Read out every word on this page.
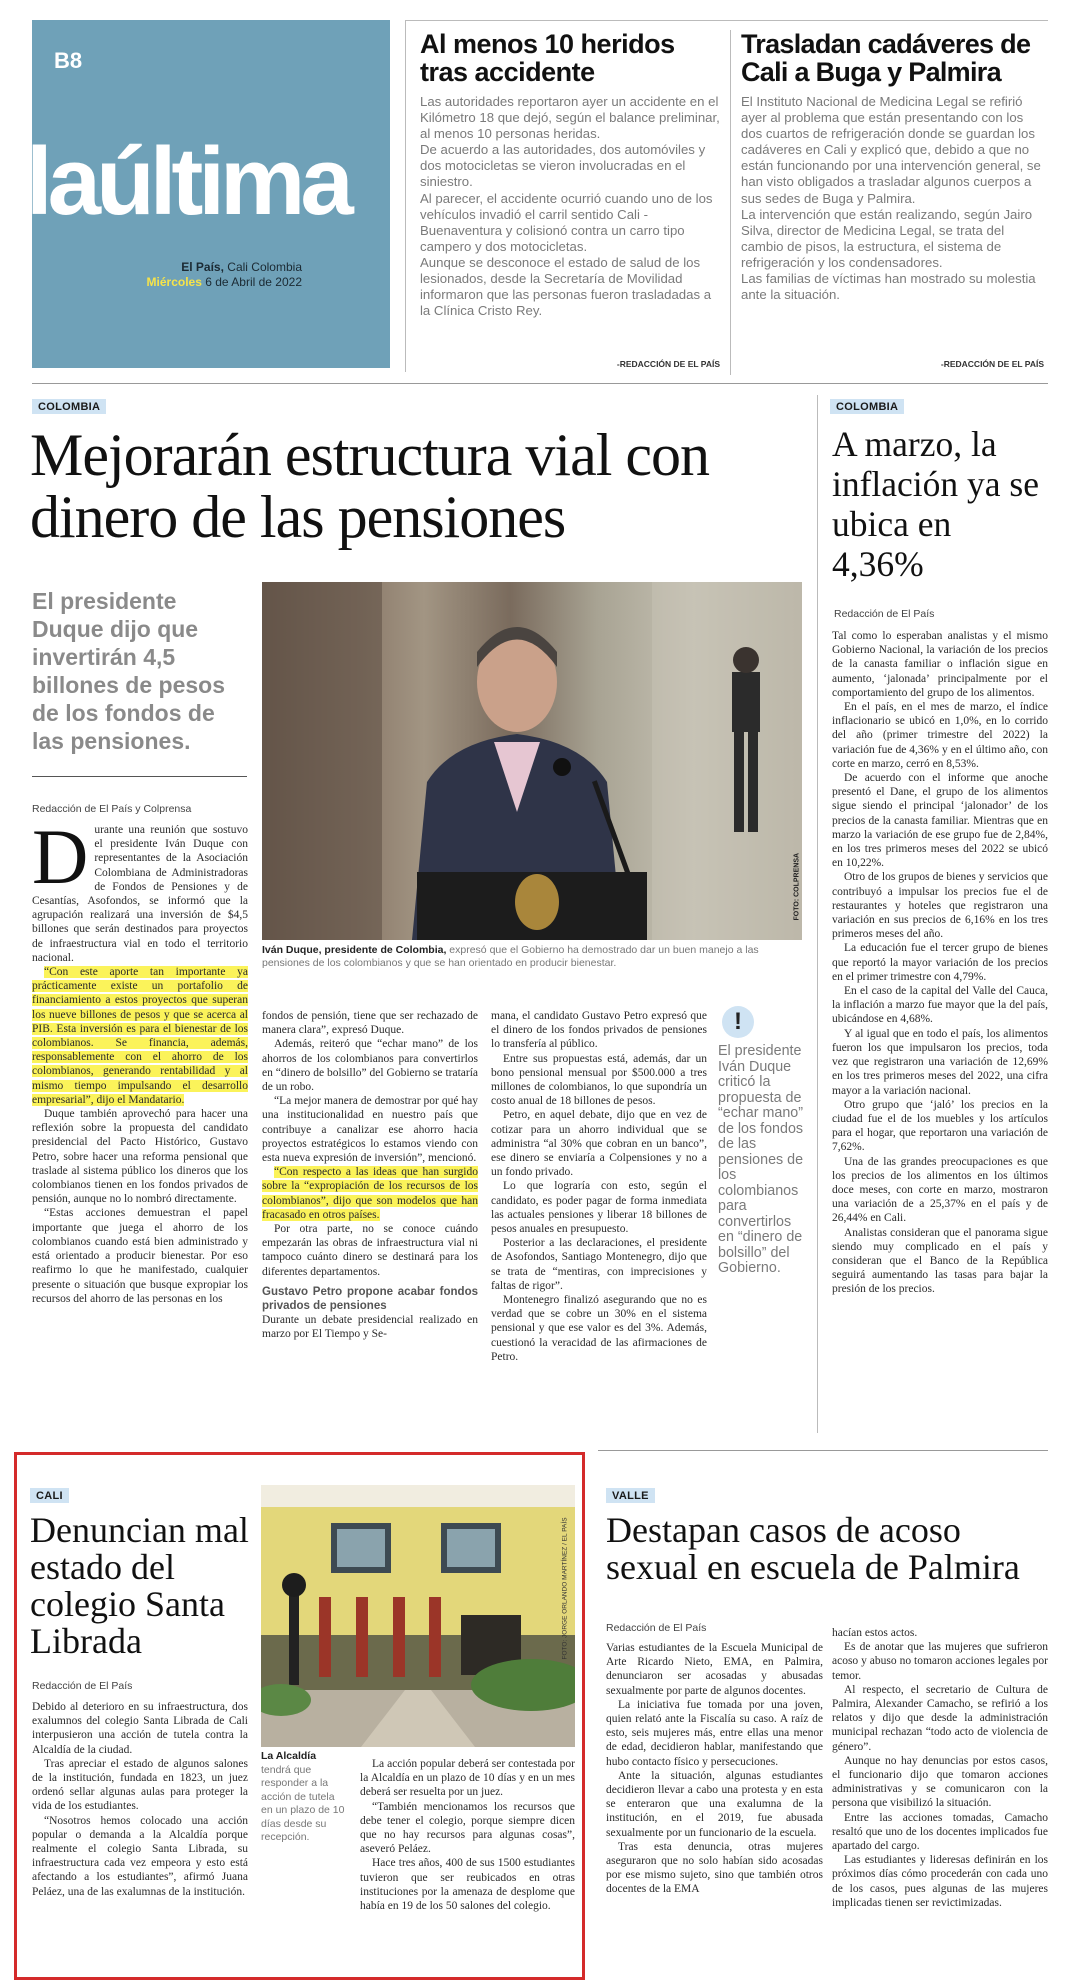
B8
laúltima
El País, Cali Colombia
Miércoles 6 de Abril de 2022
Al menos 10 heridos tras accidente

Las autoridades reportaron ayer un accidente en el Kilómetro 18 que dejó, según el balance preliminar, al menos 10 personas heridas.

De acuerdo a las autoridades, dos automóviles y dos motocicletas se vieron involucradas en el siniestro.

Al parecer, el accidente ocurrió cuando uno de los vehículos invadió el carril sentido Cali - Buenaventura y colisionó contra un carro tipo campero y dos motocicletas.

Aunque se desconoce el estado de salud de los lesionados, desde la Secretaría de Movilidad informaron que las personas fueron trasladadas a la Clínica Cristo Rey.

-REDACCIÓN DE EL PAÍS
Trasladan cadáveres de Cali a Buga y Palmira

El Instituto Nacional de Medicina Legal se refirió ayer al problema que están presentando con los dos cuartos de refrigeración donde se guardan los cadáveres en Cali y explicó que, debido a que no están funcionando por una intervención general, se han visto obligados a trasladar algunos cuerpos a sus sedes de Buga y Palmira.

La intervención que están realizando, según Jairo Silva, director de Medicina Legal, se trata del cambio de pisos, la estructura, el sistema de refrigeración y los condensadores.

Las familias de víctimas han mostrado su molestia ante la situación.

-REDACCIÓN DE EL PAÍS
COLOMBIA
Mejorarán estructura vial con dinero de las pensiones
El presidente Duque dijo que invertirán 4,5 billones de pesos de los fondos de las pensiones.
FOTO: COLPRENSA
Iván Duque, presidente de Colombia, expresó que el Gobierno ha demostrado dar un buen manejo a las pensiones de los colombianos y que se han orientado en producir bienestar.
Redacción de El País y Colprensa
D urante una reunión que sostuvo el presidente Iván Duque con representantes de la Asociación Colombiana de Administradoras de Fondos de Pensiones y de Cesantías, Asofondos, se informó que la agrupación realizará una inversión de $4,5 billones que serán destinados para proyectos de infraestructura vial en todo el territorio nacional.

“Con este aporte tan importante ya prácticamente existe un portafolio de financiamiento a estos proyectos que superan los nueve billones de pesos y que se acerca al PIB. Esta inversión es para el bienestar de los colombianos. Se financia, además, responsablemente con el ahorro de los colombianos, generando rentabilidad y al mismo tiempo impulsando el desarrollo empresarial”, dijo el Mandatario.

Duque también aprovechó para hacer una reflexión sobre la propuesta del candidato presidencial del Pacto Histórico, Gustavo Petro, sobre hacer una reforma pensional que traslade al sistema público los dineros que los colombianos tienen en los fondos privados de pensión, aunque no lo nombró directamente.

“Estas acciones demuestran el papel importante que juega el ahorro de los colombianos cuando está bien administrado y está orientado a producir bienestar. Por eso reafirmo lo que he manifestado, cualquier presente o situación que busque expropiar los recursos del ahorro de las personas en los

fondos de pensión, tiene que ser rechazado de manera clara”, expresó Duque.

Además, reiteró que “echar mano” de los ahorros de los colombianos para convertirlos en “dinero de bolsillo” del Gobierno se trataría de un robo.

“La mejor manera de demostrar por qué hay una institucionalidad en nuestro país que contribuye a canalizar ese ahorro hacia proyectos estratégicos lo estamos viendo con esta nueva expresión de inversión”, mencionó.

“Con respecto a las ideas que han surgido sobre la “expropiación de los recursos de los colombianos”, dijo que son modelos que han fracasado en otros países.

Por otra parte, no se conoce cuándo empezarán las obras de infraestructura vial ni tampoco cuánto dinero se destinará para los diferentes departamentos.

Gustavo Petro propone acabar fondos privados de pensiones

Durante un debate presidencial realizado en marzo por El Tiempo y Se-

mana, el candidato Gustavo Petro expresó que el dinero de los fondos privados de pensiones lo transfería al público.

Entre sus propuestas está, además, dar un bono pensional mensual por $500.000 a tres millones de colombianos, lo que supondría un costo anual de 18 billones de pesos.

Petro, en aquel debate, dijo que en vez de cotizar para un ahorro individual que se administra “al 30% que cobran en un banco”, ese dinero se enviaría a Colpensiones y no a un fondo privado.

Lo que lograría con esto, según el candidato, es poder pagar de forma inmediata las actuales pensiones y liberar 18 billones de pesos anuales en presupuesto.

Posterior a las declaraciones, el presidente de Asofondos, Santiago Montenegro, dijo que se trata de “mentiras, con imprecisiones y faltas de rigor”.

Montenegro finalizó asegurando que no es verdad que se cobre un 30% en el sistema pensional y que ese valor es del 3%. Además, cuestionó la veracidad de las afirmaciones de Petro.

!
El presidente Iván Duque criticó la propuesta de “echar mano” de los fondos de las pensiones de los colombianos para convertirlos en “dinero de bolsillo” del Gobierno.
COLOMBIA
A marzo, la inflación ya se ubica en 4,36%
Redacción de El País

Tal como lo esperaban analistas y el mismo Gobierno Nacional, la variación de los precios de la canasta familiar o inflación sigue en aumento, ‘jalonada’ principalmente por el comportamiento del grupo de los alimentos.

En el país, en el mes de marzo, el índice inflacionario se ubicó en 1,0%, en lo corrido del año (primer trimestre del 2022) la variación fue de 4,36% y en el último año, con corte en marzo, cerró en 8,53%.

De acuerdo con el informe que anoche presentó el Dane, el grupo de los alimentos sigue siendo el principal ‘jalonador’ de los precios de la canasta familiar. Mientras que en marzo la variación de ese grupo fue de 2,84%, en los tres primeros meses del 2022 se ubicó en 10,22%.

Otro de los grupos de bienes y servicios que contribuyó a impulsar los precios fue el de restaurantes y hoteles que registraron una variación en sus precios de 6,16% en los tres primeros meses del año.

La educación fue el tercer grupo de bienes que reportó la mayor variación de los precios en el primer trimestre con 4,79%.

En el caso de la capital del Valle del Cauca, la inflación a marzo fue mayor que la del país, ubicándose en 4,68%.

Y al igual que en todo el país, los alimentos fueron los que impulsaron los precios, toda vez que registraron una variación de 12,69% en los tres primeros meses del 2022, una cifra mayor a la variación nacional.

Otro grupo que ‘jaló’ los precios en la ciudad fue el de los muebles y los artículos para el hogar, que reportaron una variación de 7,62%.

Una de las grandes preocupaciones es que los precios de los alimentos en los últimos doce meses, con corte en marzo, mostraron una variación de a 25,37% en el país y de 26,44% en Cali.

Analistas consideran que el panorama sigue siendo muy complicado en el país y consideran que el Banco de la República seguirá aumentando las tasas para bajar la presión de los precios.

CALI
Denuncian mal estado del colegio Santa Librada
Redacción de El País
FOTO: JORGE ORLANDO MARTÍNEZ / EL PAÍS
La Alcaldía tendrá que responder a la acción de tutela en un plazo de 10 días desde su recepción.

Debido al deterioro en su infraestructura, dos exalumnos del colegio Santa Librada de Cali interpusieron una acción de tutela contra la Alcaldía de la ciudad.

Tras apreciar el estado de algunos salones de la institución, fundada en 1823, un juez ordenó sellar algunas aulas para proteger la vida de los estudiantes.

“Nosotros hemos colocado una acción popular o demanda a la Alcaldía porque realmente el colegio Santa Librada, su infraestructura cada vez empeora y esto está afectando a los estudiantes”, afirmó Juana Peláez, una de las exalumnas de la institución.

La acción popular deberá ser contestada por la Alcaldía en un plazo de 10 días y en un mes deberá ser resuelta por un juez.

“También mencionamos los recursos que debe tener el colegio, porque siempre dicen que no hay recursos para algunas cosas”, aseveró Peláez.

Hace tres años, 400 de sus 1500 estudiantes tuvieron que ser reubicados en otras instituciones por la amenaza de desplome que había en 19 de los 50 salones del colegio.

VALLE
Destapan casos de acoso sexual en escuela de Palmira
Redacción de El País

Varias estudiantes de la Escuela Municipal de Arte Ricardo Nieto, EMA, en Palmira, denunciaron ser acosadas y abusadas sexualmente por parte de algunos docentes.

La iniciativa fue tomada por una joven, quien relató ante la Fiscalía su caso. A raíz de esto, seis mujeres más, entre ellas una menor de edad, decidieron hablar, manifestando que hubo contacto físico y persecuciones.

Ante la situación, algunas estudiantes decidieron llevar a cabo una protesta y en esta se enteraron que una exalumna de la institución, en el 2019, fue abusada sexualmente por un funcionario de la escuela.

Tras esta denuncia, otras mujeres aseguraron que no solo habían sido acosadas por ese mismo sujeto, sino que también otros docentes de la EMA

hacían estos actos.

Es de anotar que las mujeres que sufrieron acoso y abuso no tomaron acciones legales por temor.

Al respecto, el secretario de Cultura de Palmira, Alexander Camacho, se refirió a los relatos y dijo que desde la administración municipal rechazan “todo acto de violencia de género”.

Aunque no hay denuncias por estos casos, el funcionario dijo que tomaron acciones administrativas y se comunicaron con la persona que visibilizó la situación.

Entre las acciones tomadas, Camacho resaltó que uno de los docentes implicados fue apartado del cargo.

Las estudiantes y lideresas definirán en los próximos días cómo procederán con cada uno de los casos, pues algunas de las mujeres implicadas tienen ser revictimizadas.
